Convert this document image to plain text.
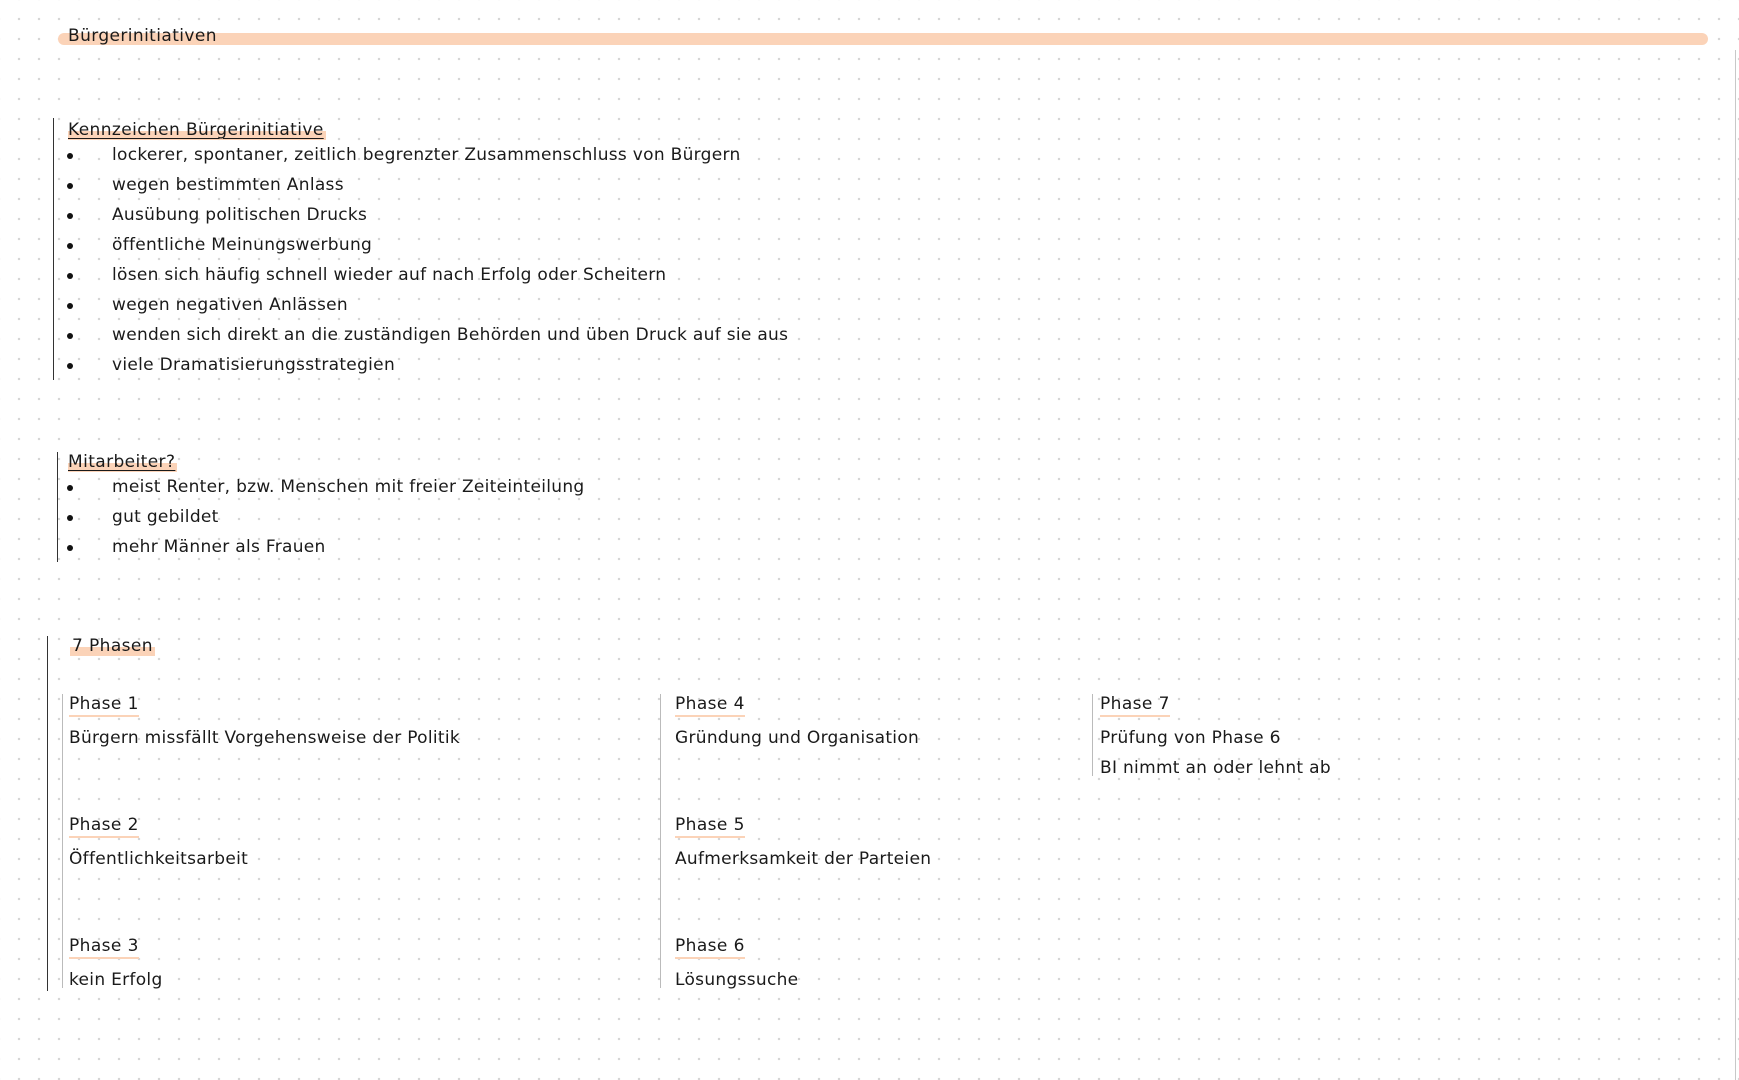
Bürgerinitiativen
Kennzeichen Bürgerinitiative
lockerer, spontaner, zeitlich begrenzter Zusammenschluss von Bürgern
wegen bestimmten Anlass
Ausübung politischen Drucks
öffentliche Meinungswerbung
lösen sich häufig schnell wieder auf nach Erfolg oder Scheitern
wegen negativen Anlässen
wenden sich direkt an die zuständigen Behörden und üben Druck auf sie aus
viele Dramatisierungsstrategien
Mitarbeiter?
meist Renter, bzw. Menschen mit freier Zeiteinteilung
gut gebildet
mehr Männer als Frauen
7 Phasen
Phase 1
Bürgern missfällt Vorgehensweise der Politik
Phase 2
Öffentlichkeitsarbeit
Phase 3
kein Erfolg
Phase 4
Gründung und Organisation
Phase 5
Aufmerksamkeit der Parteien
Phase 6
Lösungssuche
Phase 7
Prüfung von Phase 6
BI nimmt an oder lehnt ab
